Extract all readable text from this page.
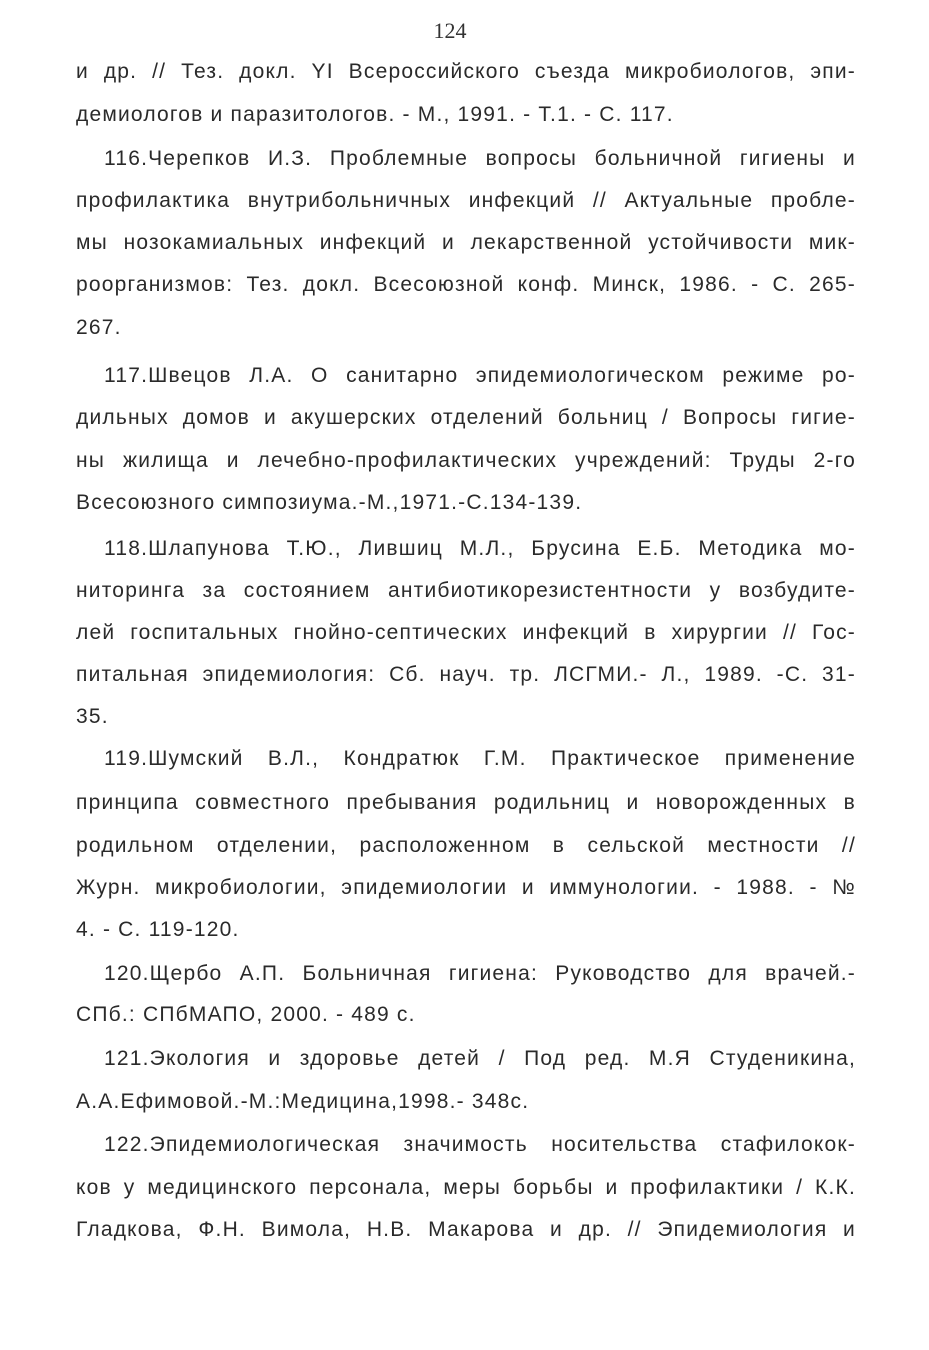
124
и др. // Тез. докл. YI Всероссийского съезда микробиологов, эпи-
демиологов и паразитологов. - М., 1991. - Т.1. - С. 117.
116.Черепков И.З. Проблемные вопросы больничной гигиены и
профилактика внутрибольничных инфекций // Актуальные пробле-
мы нозокамиальных инфекций и лекарственной устойчивости мик-
роорганизмов: Тез. докл. Всесоюзной конф. Минск, 1986. - С. 265-
267.
117.Швецов Л.А. О санитарно эпидемиологическом режиме ро-
дильных домов и акушерских отделений больниц / Вопросы гигие-
ны жилища и лечебно-профилактических учреждений: Труды 2-го
Всесоюзного симпозиума.-М.,1971.-С.134-139.
118.Шлапунова Т.Ю., Лившиц М.Л., Брусина Е.Б. Методика мо-
ниторинга за состоянием антибиотикорезистентности у возбудите-
лей госпитальных гнойно-септических инфекций в хирургии // Гос-
питальная эпидемиология: Сб. науч. тр. ЛСГМИ.- Л., 1989. -С. 31-
35.
119.Шумский В.Л., Кондратюк Г.М. Практическое применение
принципа совместного пребывания родильниц и новорожденных в
родильном отделении, расположенном в сельской местности //
Журн. микробиологии, эпидемиологии и иммунологии. - 1988. - №
4. - С. 119-120.
120.Щербо А.П. Больничная гигиена: Руководство для врачей.-
СПб.: СПбМАПО, 2000. - 489 с.
121.Экология и здоровье детей / Под ред. М.Я Студеникина,
А.А.Ефимовой.-М.:Медицина,1998.- 348с.
122.Эпидемиологическая значимость носительства стафилокок-
ков у медицинского персонала, меры борьбы и профилактики / К.К.
Гладкова, Ф.Н. Вимола, Н.В. Макарова и др. // Эпидемиология и
